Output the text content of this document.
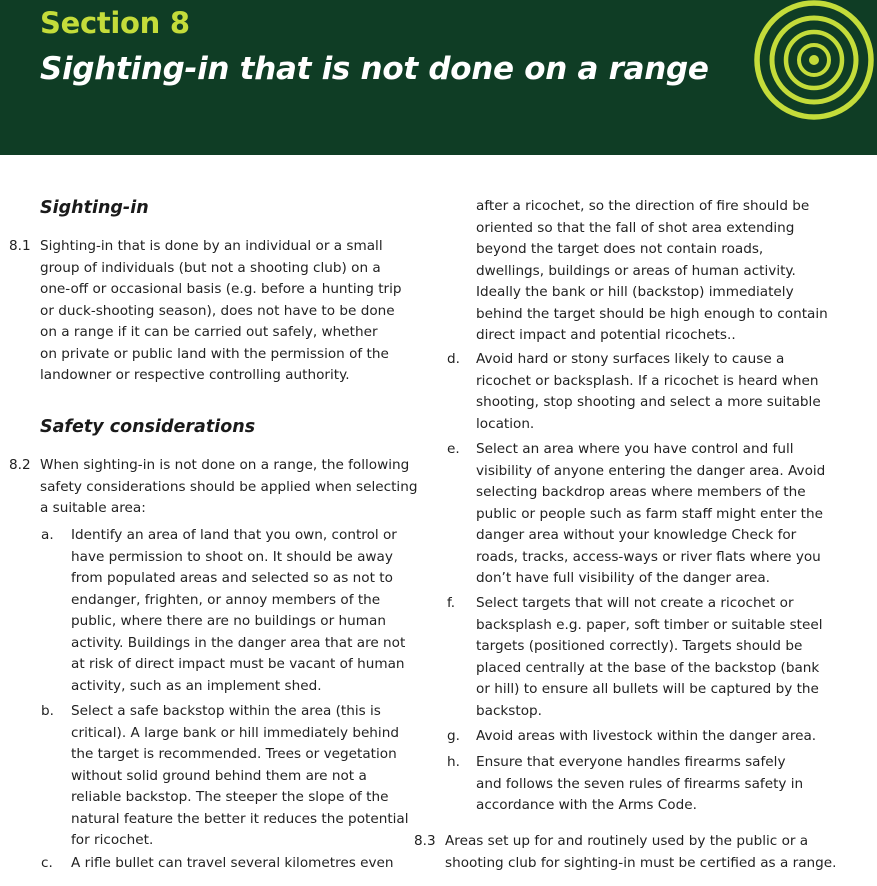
Section 8
Sighting-in that is not done on a range
Sighting-in
8.1 Sighting-in that is done by an individual or a small
group of individuals (but not a shooting club) on a
one-off or occasional basis (e.g. before a hunting trip
or duck-shooting season), does not have to be done
on a range if it can be carried out safely, whether
on private or public land with the permission of the
landowner or respective controlling authority.
Safety considerations
8.2 When sighting-in is not done on a range, the following
safety considerations should be applied when selecting
a suitable area:
a. Identify an area of land that you own, control or
have permission to shoot on. It should be away
from populated areas and selected so as not to
endanger, frighten, or annoy members of the
public, where there are no buildings or human
activity. Buildings in the danger area that are not
at risk of direct impact must be vacant of human
activity, such as an implement shed.
b. Select a safe backstop within the area (this is
critical). A large bank or hill immediately behind
the target is recommended. Trees or vegetation
without solid ground behind them are not a
reliable backstop. The steeper the slope of the
natural feature the better it reduces the potential
for ricochet.
c. A rifle bullet can travel several kilometres even
after a ricochet, so the direction of fire should be
oriented so that the fall of shot area extending
beyond the target does not contain roads,
dwellings, buildings or areas of human activity.
Ideally the bank or hill (backstop) immediately
behind the target should be high enough to contain
direct impact and potential ricochets..
d. Avoid hard or stony surfaces likely to cause a
ricochet or backsplash. If a ricochet is heard when
shooting, stop shooting and select a more suitable
location.
e. Select an area where you have control and full
visibility of anyone entering the danger area. Avoid
selecting backdrop areas where members of the
public or people such as farm staff might enter the
danger area without your knowledge Check for
roads, tracks, access-ways or river flats where you
don’t have full visibility of the danger area.
f. Select targets that will not create a ricochet or
backsplash e.g. paper, soft timber or suitable steel
targets (positioned correctly). Targets should be
placed centrally at the base of the backstop (bank
or hill) to ensure all bullets will be captured by the
backstop.
g. Avoid areas with livestock within the danger area.
h. Ensure that everyone handles firearms safely
and follows the seven rules of firearms safety in
accordance with the Arms Code.
8.3 Areas set up for and routinely used by the public or a
shooting club for sighting-in must be certified as a range.
